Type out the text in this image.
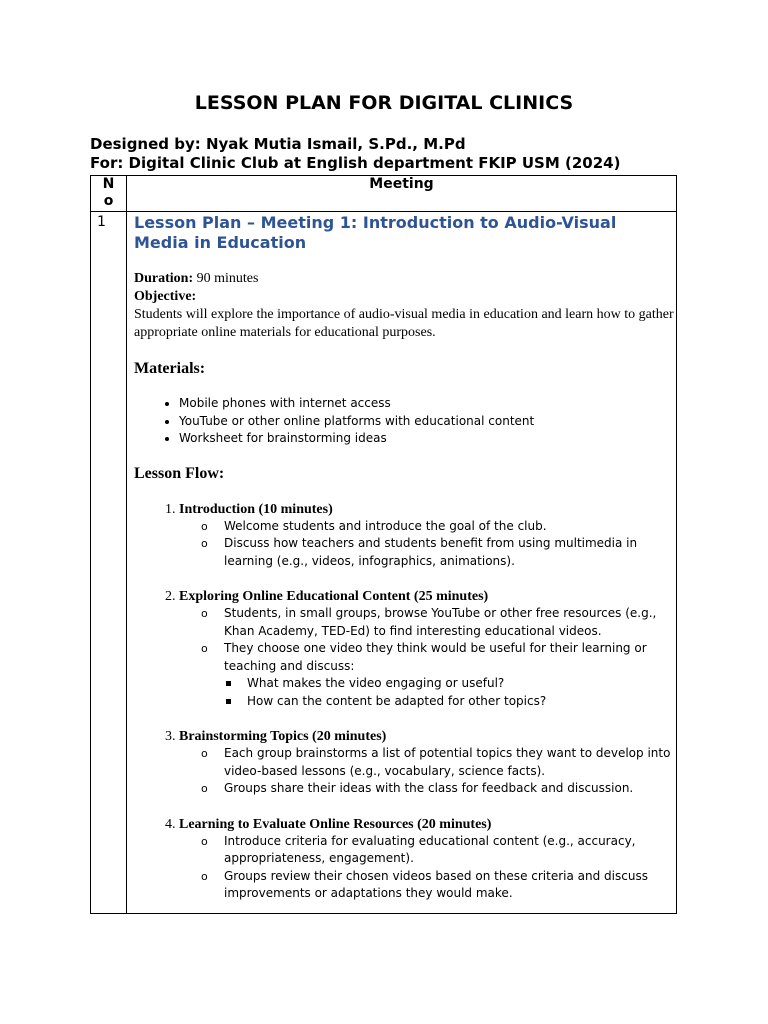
LESSON PLAN FOR DIGITAL CLINICS
Designed by: Nyak Mutia Ismail, S.Pd., M.Pd
For: Digital Clinic Club at English department FKIP USM (2024)
N
o
Meeting
1 Lesson Plan – Meeting 1: Introduction to Audio-Visual Media in Education
Duration: 90 minutes
Objective:
Students will explore the importance of audio-visual media in education and learn how to gather appropriate online materials for educational purposes.
Materials:
• Mobile phones with internet access
• YouTube or other online platforms with educational content
• Worksheet for brainstorming ideas
Lesson Flow:
1. Introduction (10 minutes)
o Welcome students and introduce the goal of the club.
o Discuss how teachers and students benefit from using multimedia in learning (e.g., videos, infographics, animations).
2. Exploring Online Educational Content (25 minutes)
o Students, in small groups, browse YouTube or other free resources (e.g., Khan Academy, TED-Ed) to find interesting educational videos.
o They choose one video they think would be useful for their learning or teaching and discuss:
What makes the video engaging or useful?
How can the content be adapted for other topics?
3. Brainstorming Topics (20 minutes)
o Each group brainstorms a list of potential topics they want to develop into video-based lessons (e.g., vocabulary, science facts).
o Groups share their ideas with the class for feedback and discussion.
4. Learning to Evaluate Online Resources (20 minutes)
o Introduce criteria for evaluating educational content (e.g., accuracy, appropriateness, engagement).
o Groups review their chosen videos based on these criteria and discuss improvements or adaptations they would make.
